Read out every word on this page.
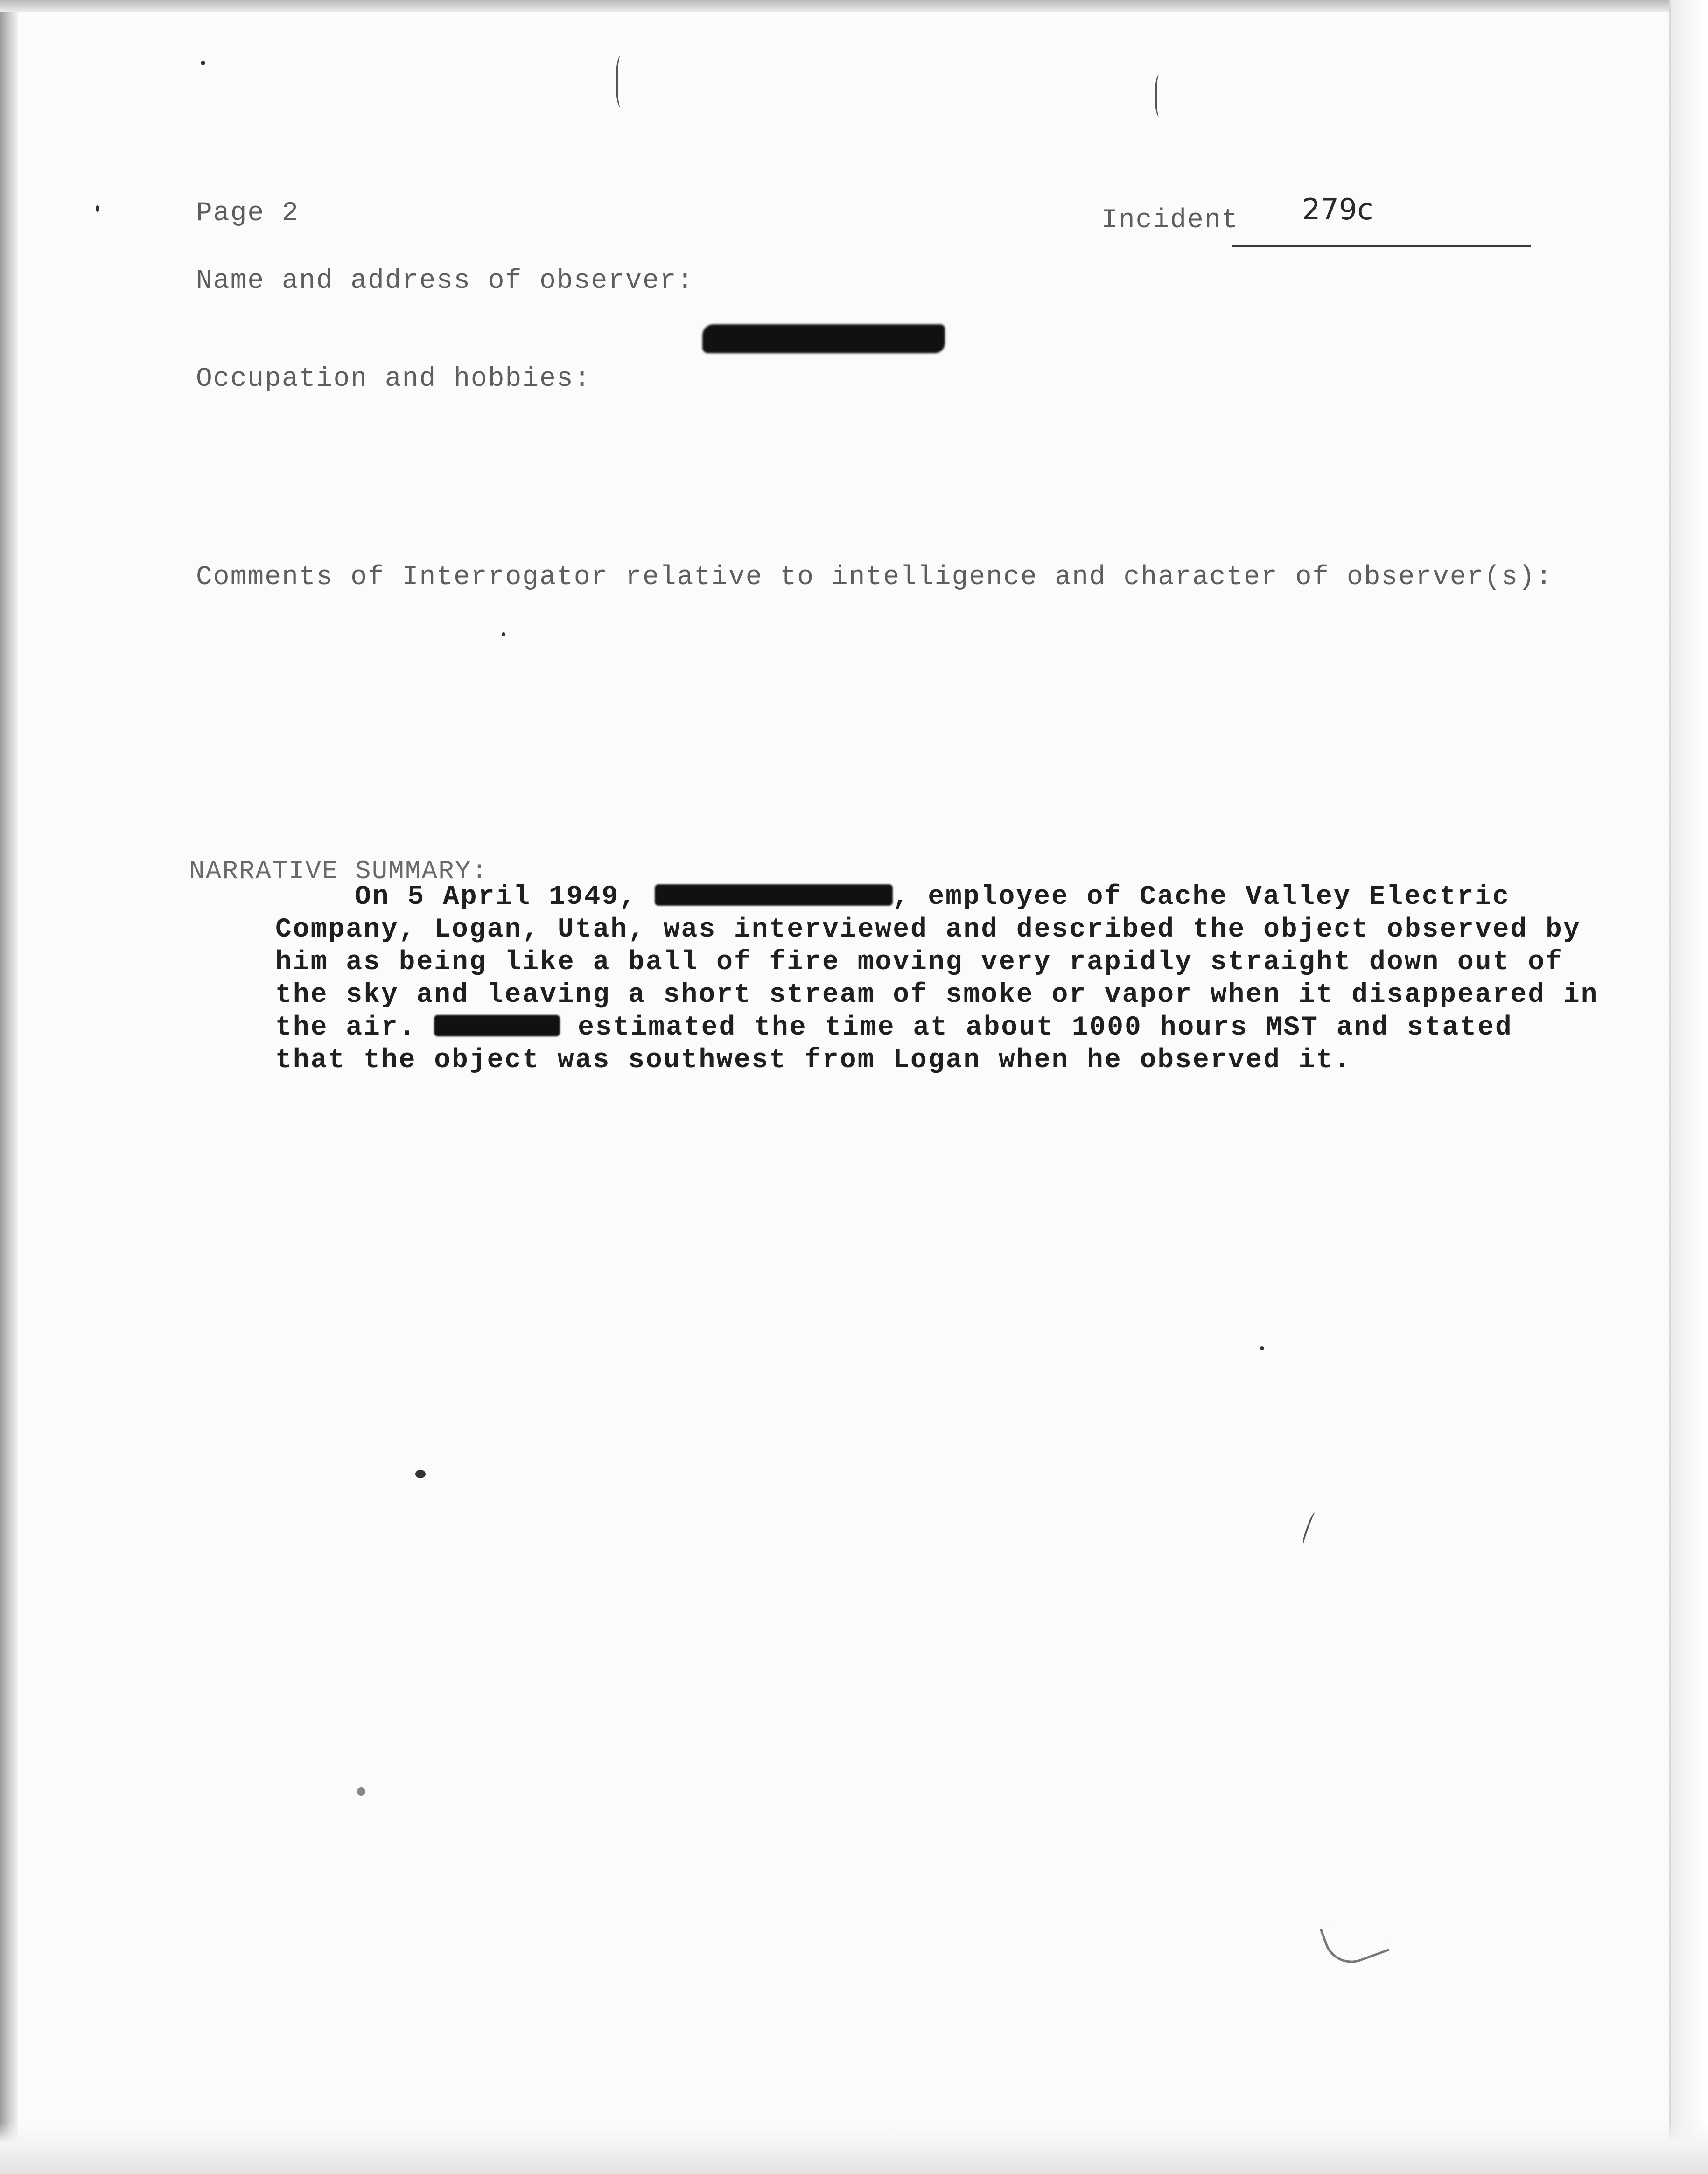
Page 2	Incident 279c
Name and address of observer:
Occupation and hobbies:
Comments of Interrogator relative to intelligence and character of observer(s):
NARRATIVE SUMMARY:
On 5 April 1949,	, employee of Cache Valley Electric
Company, Logan, Utah, was interviewed and described the object observed by
him as being like a ball of fire moving very rapidly straight down out of
the sky and leaving a short stream of smoke or vapor when it disappeared in
the air.	estimated the time at about 1000 hours MST and stated
that the object was southwest from Logan when he observed it.
